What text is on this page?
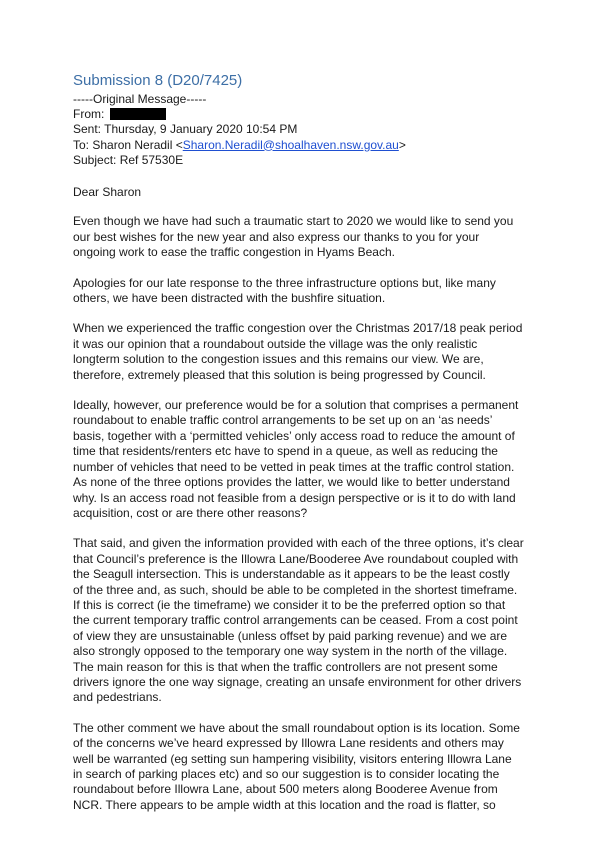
Submission 8 (D20/7425)
-----Original Message-----
From:
Sent: Thursday, 9 January 2020 10:54 PM
To: Sharon Neradil <Sharon.Neradil@shoalhaven.nsw.gov.au>
Subject: Ref 57530E
Dear Sharon

Even though we have had such a traumatic start to 2020 we would like to send you
our best wishes for the new year and also express our thanks to you for your
ongoing work to ease the traffic congestion in Hyams Beach.

Apologies for our late response to the three infrastructure options but, like many
others, we have been distracted with the bushfire situation.

When we experienced the traffic congestion over the Christmas 2017/18 peak period
it was our opinion that a roundabout outside the village was the only realistic
longterm solution to the congestion issues and this remains our view. We are,
therefore, extremely pleased that this solution is being progressed by Council.

Ideally, however, our preference would be for a solution that comprises a permanent
roundabout to enable traffic control arrangements to be set up on an ‘as needs’
basis, together with a ‘permitted vehicles’ only access road to reduce the amount of
time that residents/renters etc have to spend in a queue, as well as reducing the
number of vehicles that need to be vetted in peak times at the traffic control station.
As none of the three options provides the latter, we would like to better understand
why. Is an access road not feasible from a design perspective or is it to do with land
acquisition, cost or are there other reasons?

That said, and given the information provided with each of the three options, it’s clear
that Council’s preference is the Illowra Lane/Booderee Ave roundabout coupled with
the Seagull intersection. This is understandable as it appears to be the least costly
of the three and, as such, should be able to be completed in the shortest timeframe.
If this is correct (ie the timeframe) we consider it to be the preferred option so that
the current temporary traffic control arrangements can be ceased. From a cost point
of view they are unsustainable (unless offset by paid parking revenue) and we are
also strongly opposed to the temporary one way system in the north of the village.
The main reason for this is that when the traffic controllers are not present some
drivers ignore the one way signage, creating an unsafe environment for other drivers
and pedestrians.

The other comment we have about the small roundabout option is its location. Some
of the concerns we’ve heard expressed by Illowra Lane residents and others may
well be warranted (eg setting sun hampering visibility, visitors entering Illowra Lane
in search of parking places etc) and so our suggestion is to consider locating the
roundabout before Illowra Lane, about 500 meters along Booderee Avenue from
NCR. There appears to be ample width at this location and the road is flatter, so
